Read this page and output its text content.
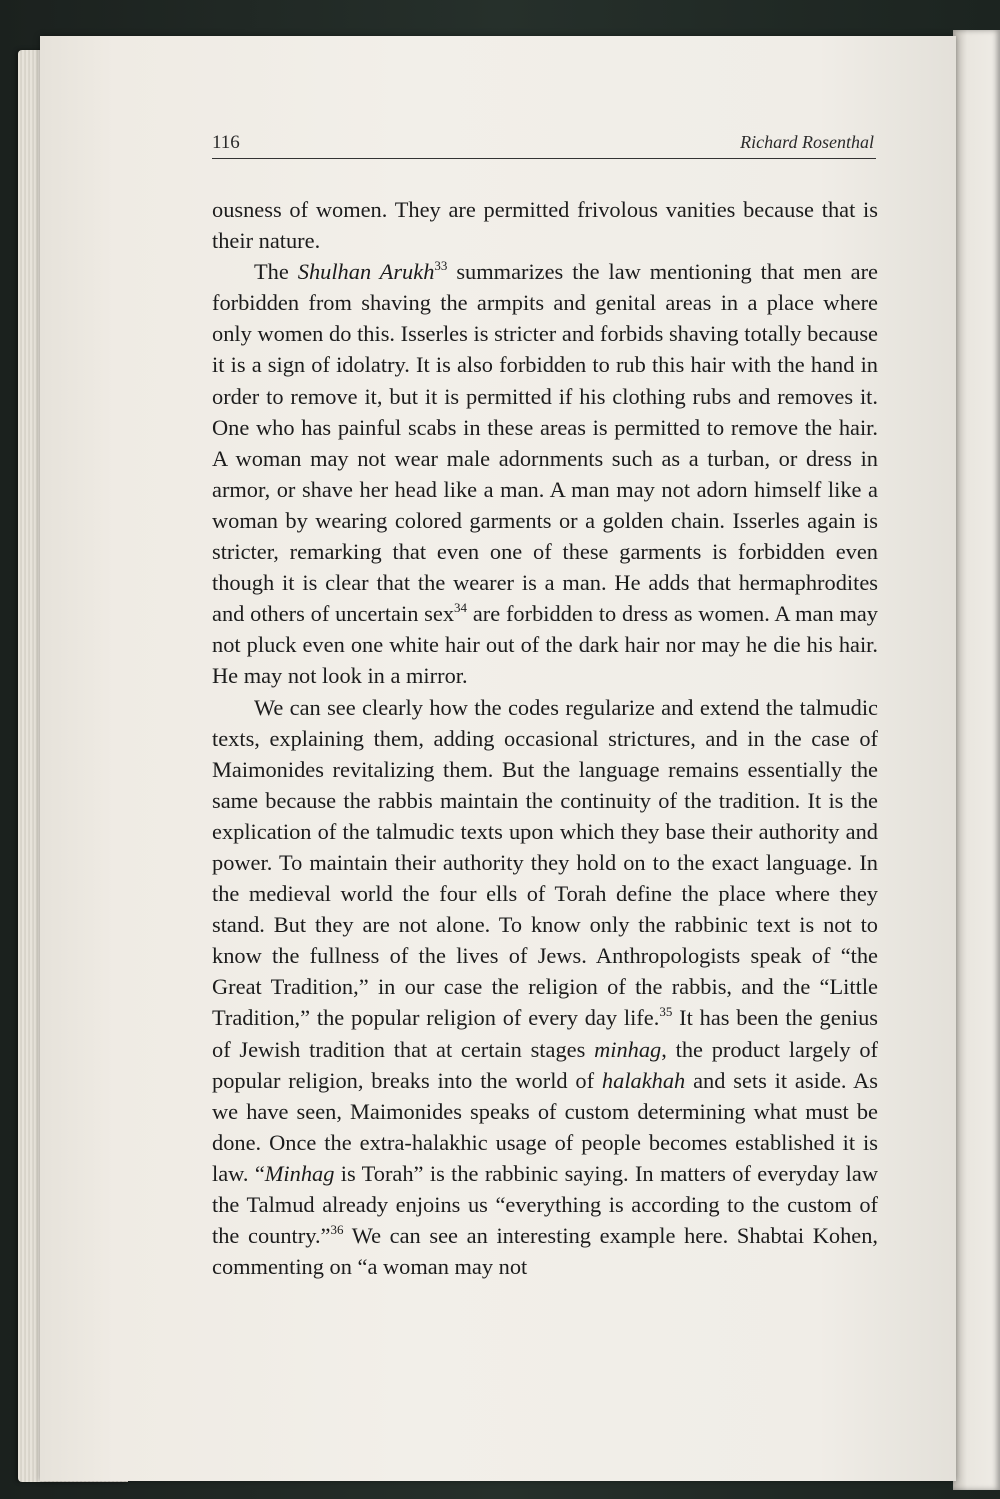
116	Richard Rosenthal

ousness of women. They are permitted frivolous vanities because that is their nature.

The Shulhan Arukh$^{33}$ summarizes the law mentioning that men are forbidden from shaving the armpits and genital areas in a place where only women do this. Isserles is stricter and forbids shaving totally because it is a sign of idolatry. It is also forbidden to rub this hair with the hand in order to remove it, but it is permitted if his clothing rubs and removes it. One who has painful scabs in these areas is permitted to remove the hair. A woman may not wear male adornments such as a turban, or dress in armor, or shave her head like a man. A man may not adorn himself like a woman by wearing colored garments or a golden chain. Isserles again is stricter, remarking that even one of these garments is forbidden even though it is clear that the wearer is a man. He adds that hermaphrodites and others of uncertain sex$^{34}$ are forbidden to dress as women. A man may not pluck even one white hair out of the dark hair nor may he die his hair. He may not look in a mirror.

We can see clearly how the codes regularize and extend the talmudic texts, explaining them, adding occasional strictures, and in the case of Maimonides revitalizing them. But the language remains essentially the same because the rabbis maintain the continuity of the tradition. It is the explication of the talmudic texts upon which they base their authority and power. To maintain their authority they hold on to the exact language. In the medieval world the four ells of Torah define the place where they stand. But they are not alone. To know only the rabbinic text is not to know the fullness of the lives of Jews. Anthropologists speak of “the Great Tradition,” in our case the religion of the rabbis, and the “Little Tradition,” the popular religion of every day life.$^{35}$ It has been the genius of Jewish tradition that at certain stages minhag, the product largely of popular religion, breaks into the world of halakhah and sets it aside. As we have seen, Maimonides speaks of custom determining what must be done. Once the extra-halakhic usage of people becomes established it is law. “Minhag is Torah” is the rabbinic saying. In matters of everyday law the Talmud already enjoins us “everything is according to the custom of the country.”$^{36}$ We can see an interesting example here. Shabtai Kohen, commenting on “a woman may not
